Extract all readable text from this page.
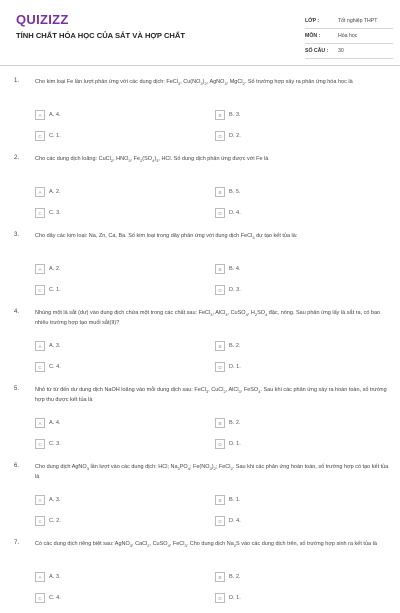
QUIZIZZ
TÍNH CHẤT HÓA HỌC CỦA SẮT VÀ HỢP CHẤT
LỚP :	Tốt nghiệp THPT
MÔN :	Hóa học
SỐ CÂU :	30
1.	Cho kim loại Fe lần lượt phản ứng với các dung dịch: FeCl$_3$, $Cu(NO_3)_2$, AgNO$_3$, MgCl$_2$. Số trường hợp xảy ra phản ứng hóa học là
A	A. 4.	B	B. 3.
C	C. 1.	D	D. 2.
2.	Cho các dung dịch loãng: CuCl$_2$, $HNO_3$, $Fe_2(SO_4)_3$, HCl. Số dung dịch phản ứng được với Fe là
A	A. 2.	B	B. 5.
C	C. 3.	D	D. 4.
3.	Cho dãy các kim loại: Na, Zn, Ca, Ba. Số kim loại trong dãy phản ứng với dung dịch FeCl$_3$ dư tạo kết tủa là:
A	A. 2.	B	B. 4.
C	C. 1.	D	D. 3.
4.	Nhúng một lá sắt (dư) vào dung dịch chứa một trong các chất sau: FeCl$_3$, AlCl$_3$, CuSO$_4$, $H_2SO_4$ đặc, nóng. Sau phản ứng lấy lá sắt ra, có bao nhiêu trường hợp tạo muối sắt(II)?
A	A. 3.	B	B. 2.
C	C. 4.	D	D. 1.
5.	Nhỏ từ từ đến dư dung dịch NaOH loãng vào mỗi dung dịch sau: FeCl$_3$, CuCl$_2$, AlCl$_3$, FeSO$_4$. Sau khi các phản ứng xảy ra hoàn toàn, số trường hợp thu được kết tủa là
A	A. 4.	B	B. 2.
C	C. 3.	D	D. 1.
6.	Cho dung dịch AgNO$_3$ lần lượt vào các dung dịch: HCl; $Na_3PO_4$; $Fe(NO_3)_2$; FeCl$_2$. Sau khi các phản ứng hoàn toàn, số trường hợp có tạo kết tủa là
A	A. 3.	B	B. 1.
C	C. 2.	D	D. 4.
7.	Có các dung dịch riêng biệt sau: AgNO$_3$, CaCl$_2$, CuSO$_4$, FeCl$_3$. Cho dung dịch $Na_2S$ vào các dung dịch trên, số trường hợp sinh ra kết tủa là
A	A. 3.	B	B. 2.
C	C. 4.	D	D. 1.
